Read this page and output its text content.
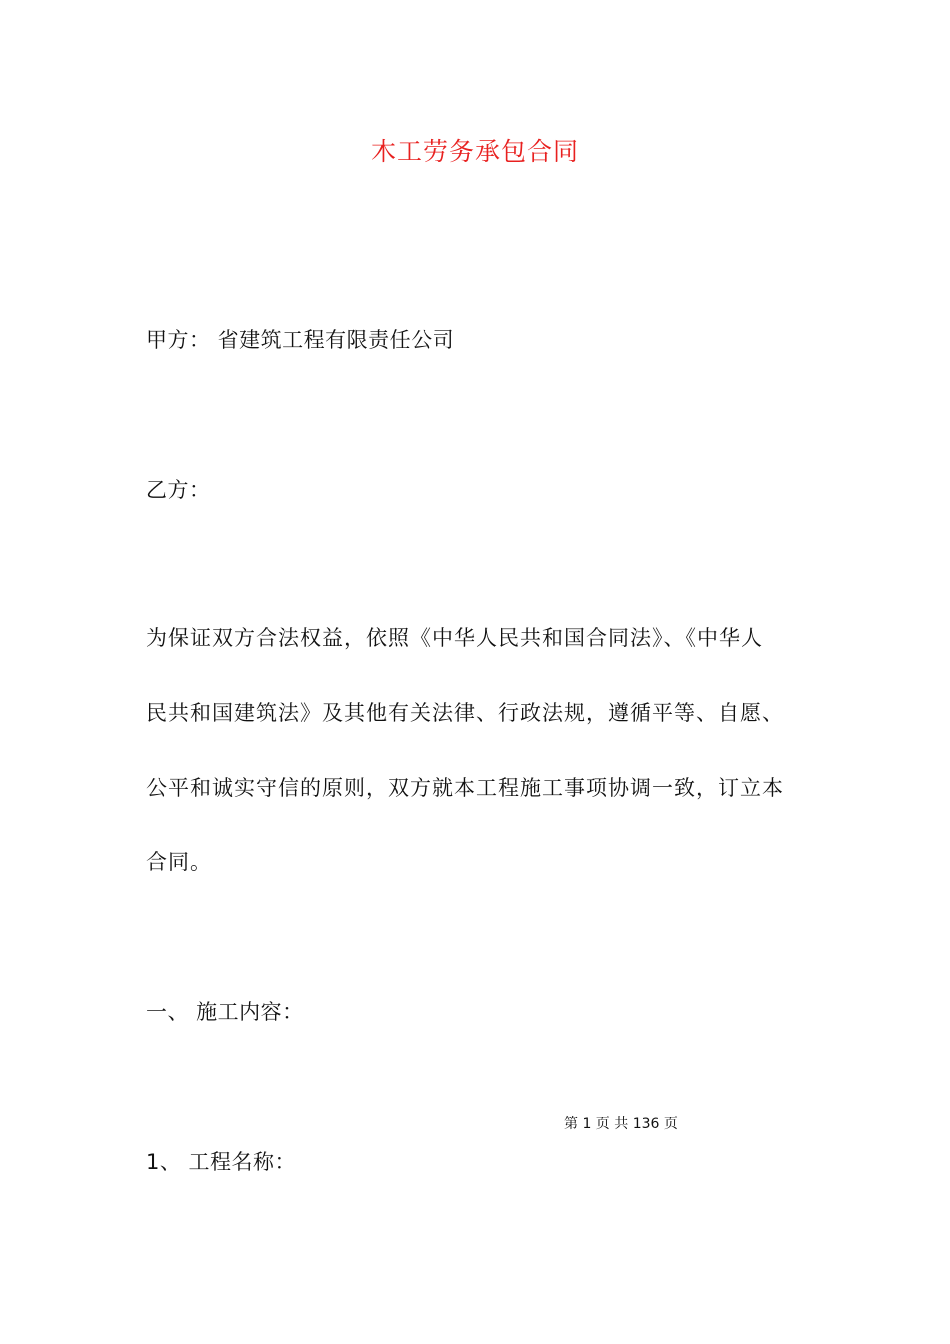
木工劳务承包合同
甲方： 省建筑工程有限责任公司
乙方：
为保证双方合法权益，依照《中华人民共和国合同法》、《中华人
民共和国建筑法》及其他有关法律、行政法规，遵循平等、自愿、
公平和诚实守信的原则，双方就本工程施工事项协调一致，订立本
合同。
一、 施工内容：
第 1 页 共 136 页
1、 工程名称：
